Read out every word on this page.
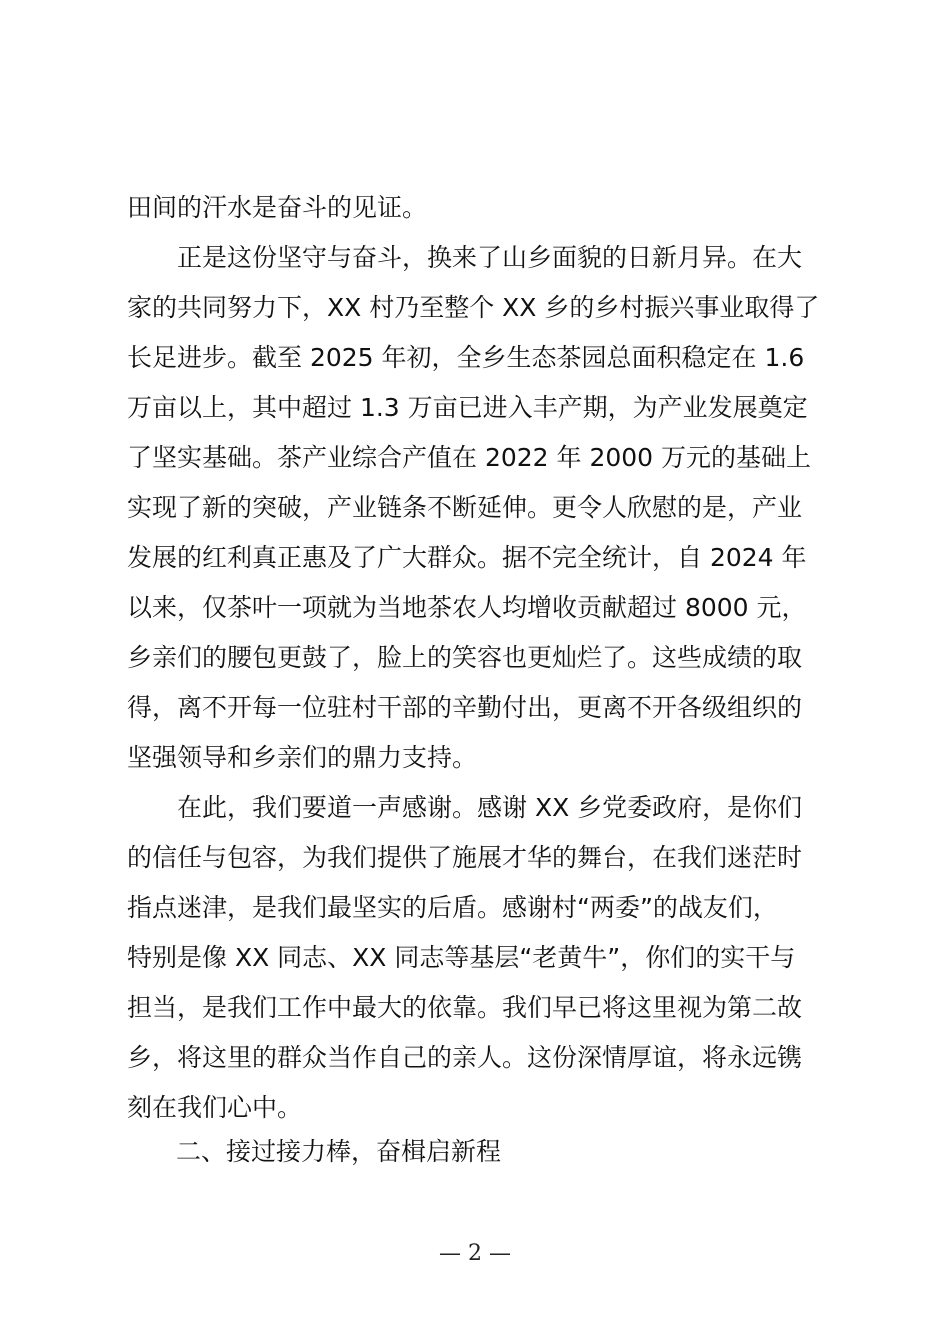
田间的汗水是奋斗的见证。
　　正是这份坚守与奋斗，换来了山乡面貌的日新月异。在大
家的共同努力下，XX 村乃至整个 XX 乡的乡村振兴事业取得了
长足进步。截至 2025 年初，全乡生态茶园总面积稳定在 1.6
万亩以上，其中超过 1.3 万亩已进入丰产期，为产业发展奠定
了坚实基础。茶产业综合产值在 2022 年 2000 万元的基础上
实现了新的突破，产业链条不断延伸。更令人欣慰的是，产业
发展的红利真正惠及了广大群众。据不完全统计，自 2024 年
以来，仅茶叶一项就为当地茶农人均增收贡献超过 8000 元，
乡亲们的腰包更鼓了，脸上的笑容也更灿烂了。这些成绩的取
得，离不开每一位驻村干部的辛勤付出，更离不开各级组织的
坚强领导和乡亲们的鼎力支持。
　　在此，我们要道一声感谢。感谢 XX 乡党委政府，是你们
的信任与包容，为我们提供了施展才华的舞台，在我们迷茫时
指点迷津，是我们最坚实的后盾。感谢村“两委”的战友们，
特别是像 XX 同志、XX 同志等基层“老黄牛”，你们的实干与
担当，是我们工作中最大的依靠。我们早已将这里视为第二故
乡，将这里的群众当作自己的亲人。这份深情厚谊，将永远镌
刻在我们心中。
二、接过接力棒，奋楫启新程
— 2 —
